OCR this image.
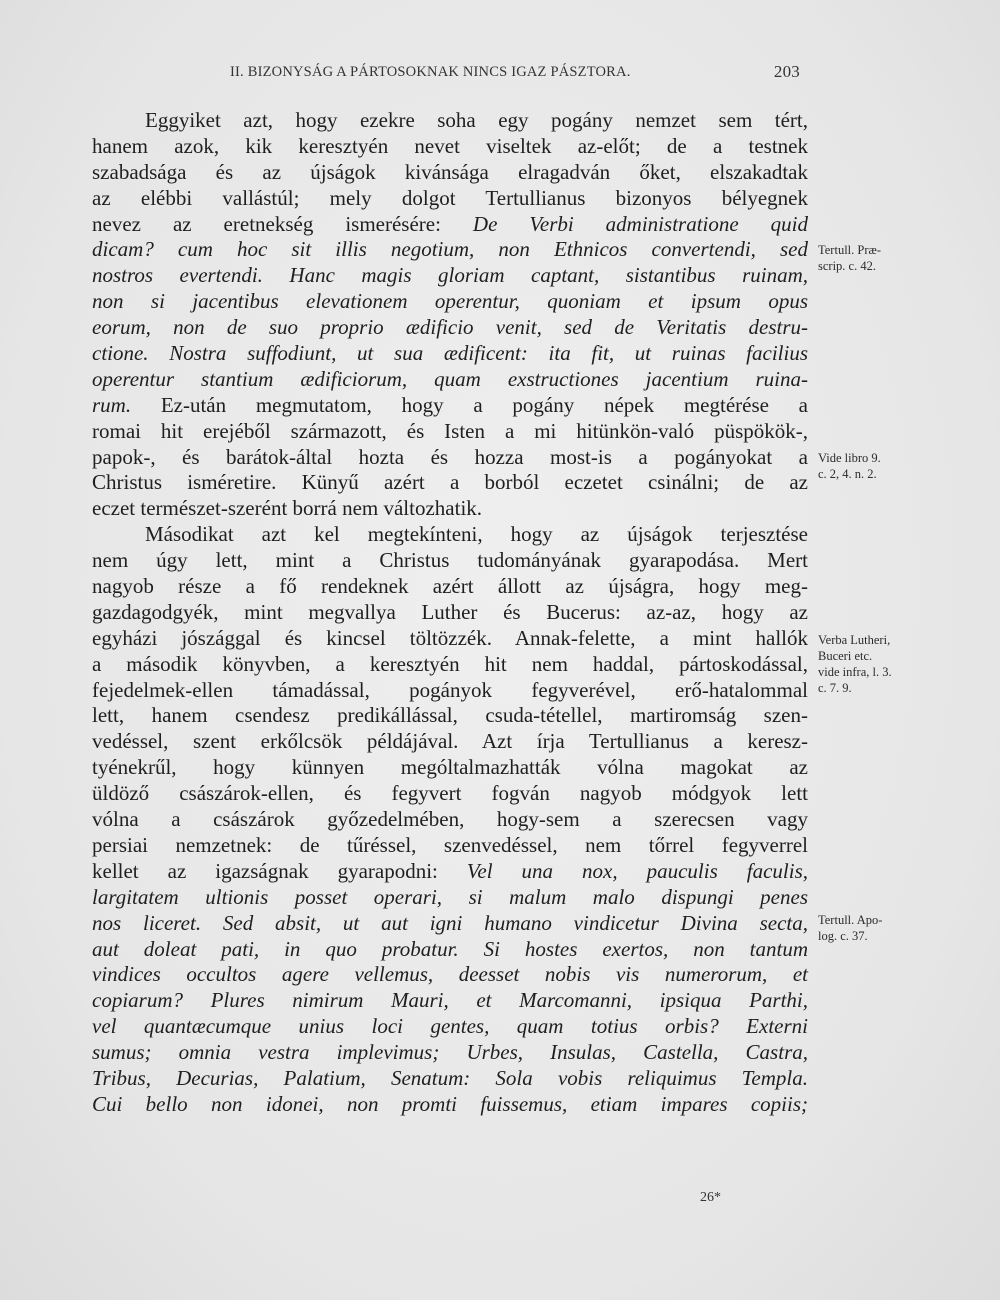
II. BIZONYSÁG A PÁRTOSOKNAK NINCS IGAZ PÁSZTORA.	203
Eggyiket azt, hogy ezekre soha egy pogány nemzet sem tért,
hanem azok, kik keresztyén nevet viseltek az-előt; de a testnek
szabadsága és az újságok kivánsága elragadván őket, elszakadtak
az elébbi vallástúl; mely dolgot Tertullianus bizonyos bélyegnek
nevez az eretnekség ismerésére: De Verbi administratione quid
dicam? cum hoc sit illis negotium, non Ethnicos convertendi, sed
nostros evertendi. Hanc magis gloriam captant, sistantibus ruinam,
non si jacentibus elevationem operentur, quoniam et ipsum opus
eorum, non de suo proprio ædificio venit, sed de Veritatis destru-
ctione. Nostra suffodiunt, ut sua ædificent: ita fit, ut ruinas facilius
operentur stantium ædificiorum, quam exstructiones jacentium ruina-
rum. Ez-után megmutatom, hogy a pogány népek megtérése a
romai hit erejéből származott, és Isten a mi hitünkön-való püspökök-,
papok-, és barátok-által hozta és hozza most-is a pogányokat a
Christus isméretire. Künyű azért a borból eczetet csinálni; de az
eczet természet-szerént borrá nem változhatik.
Másodikat azt kel megtekínteni, hogy az újságok terjesztése
nem úgy lett, mint a Christus tudományának gyarapodása. Mert
nagyob része a fő rendeknek azért állott az újságra, hogy meg-
gazdagodgyék, mint megvallya Luther és Bucerus: az-az, hogy az
egyházi jószággal és kincsel töltözzék. Annak-felette, a mint hallók
a második könyvben, a keresztyén hit nem haddal, pártoskodással,
fejedelmek-ellen támadással, pogányok fegyverével, erő-hatalommal
lett, hanem csendesz predikállással, csuda-tétellel, martiromság szen-
vedéssel, szent erkőlcsök példájával. Azt írja Tertullianus a keresz-
tyénekrűl, hogy künnyen mególtalmazhatták vólna magokat az
üldöző császárok-ellen, és fegyvert fogván nagyob módgyok lett
vólna a császárok győzedelmében, hogy-sem a szerecsen vagy
persiai nemzetnek: de tűréssel, szenvedéssel, nem tőrrel fegyverrel
kellet az igazságnak gyarapodni: Vel una nox, pauculis faculis,
largitatem ultionis posset operari, si malum malo dispungi penes
nos liceret. Sed absit, ut aut igni humano vindicetur Divina secta,
aut doleat pati, in quo probatur. Si hostes exertos, non tantum
vindices occultos agere vellemus, deesset nobis vis numerorum, et
copiarum? Plures nimirum Mauri, et Marcomanni, ipsiqua Parthi,
vel quantæcumque unius loci gentes, quam totius orbis? Externi
sumus; omnia vestra implevimus; Urbes, Insulas, Castella, Castra,
Tribus, Decurias, Palatium, Senatum: Sola vobis reliquimus Templa.
Cui bello non idonei, non promti fuissemus, etiam impares copiis;
Tertull. Præ-
scrip. c. 42.
Vide libro 9.
c. 2, 4. n. 2.
Verba Lutheri,
Buceri etc.
vide infra, l. 3.
c. 7. 9.
Tertull. Apo-
log. c. 37.
26*
